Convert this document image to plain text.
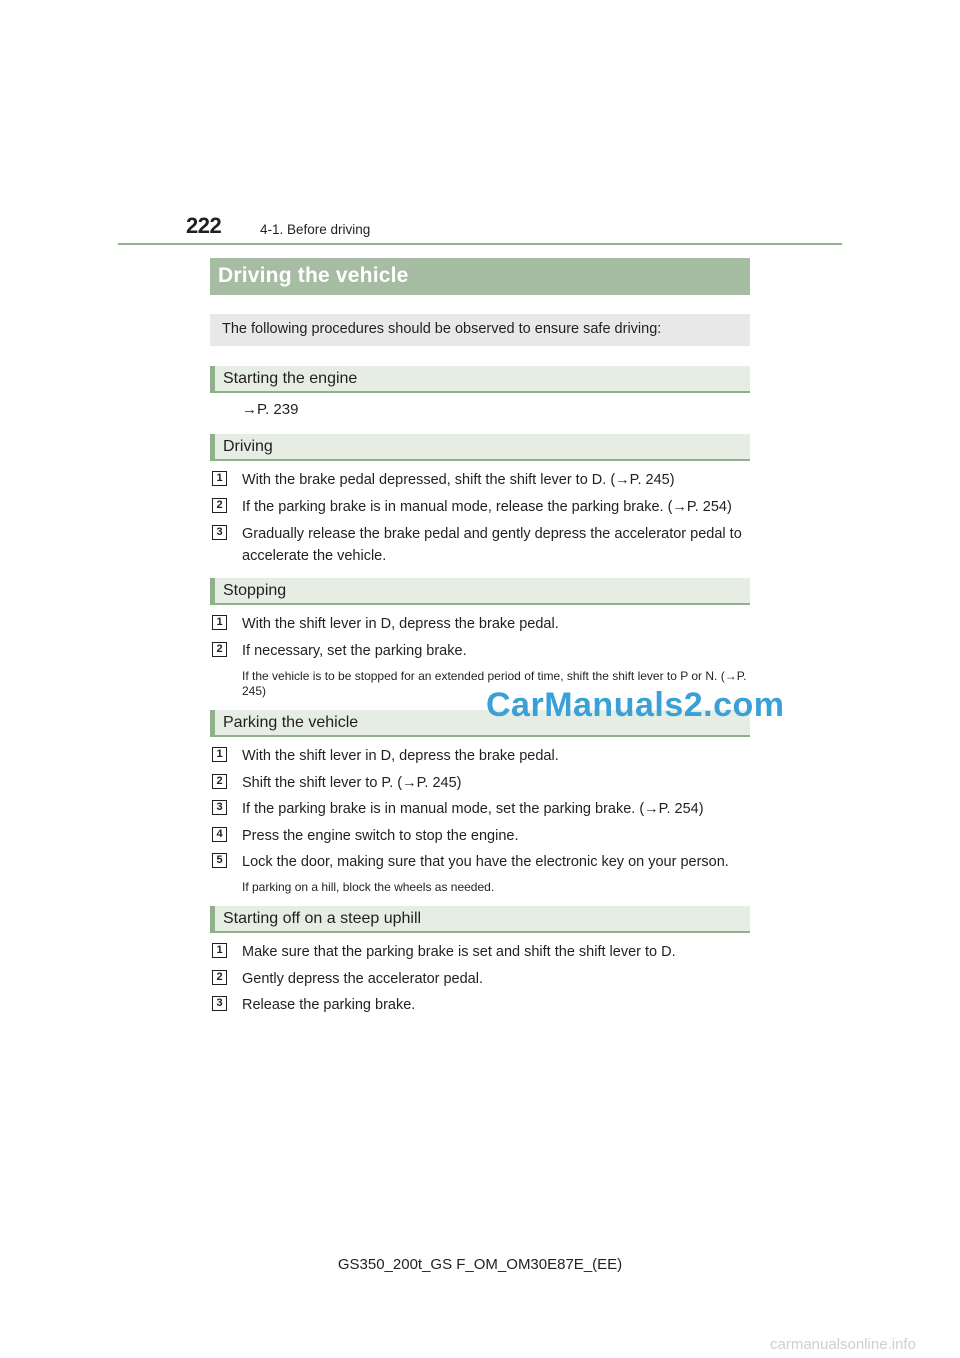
222	4-1. Before driving
Driving the vehicle
The following procedures should be observed to ensure safe driving:
Starting the engine
→P. 239
Driving
1	With the brake pedal depressed, shift the shift lever to D. (→P. 245)
2	If the parking brake is in manual mode, release the parking brake. (→P. 254)
3	Gradually release the brake pedal and gently depress the accelerator pedal to accelerate the vehicle.
Stopping
1	With the shift lever in D, depress the brake pedal.
2	If necessary, set the parking brake.
If the vehicle is to be stopped for an extended period of time, shift the shift lever to P or N. (→P. 245)
Parking the vehicle
1	With the shift lever in D, depress the brake pedal.
2	Shift the shift lever to P. (→P. 245)
3	If the parking brake is in manual mode, set the parking brake. (→P. 254)
4	Press the engine switch to stop the engine.
5	Lock the door, making sure that you have the electronic key on your person.
If parking on a hill, block the wheels as needed.
Starting off on a steep uphill
1	Make sure that the parking brake is set and shift the shift lever to D.
2	Gently depress the accelerator pedal.
3	Release the parking brake.
CarManuals2.com
GS350_200t_GS F_OM_OM30E87E_(EE)
carmanualsonline.info
